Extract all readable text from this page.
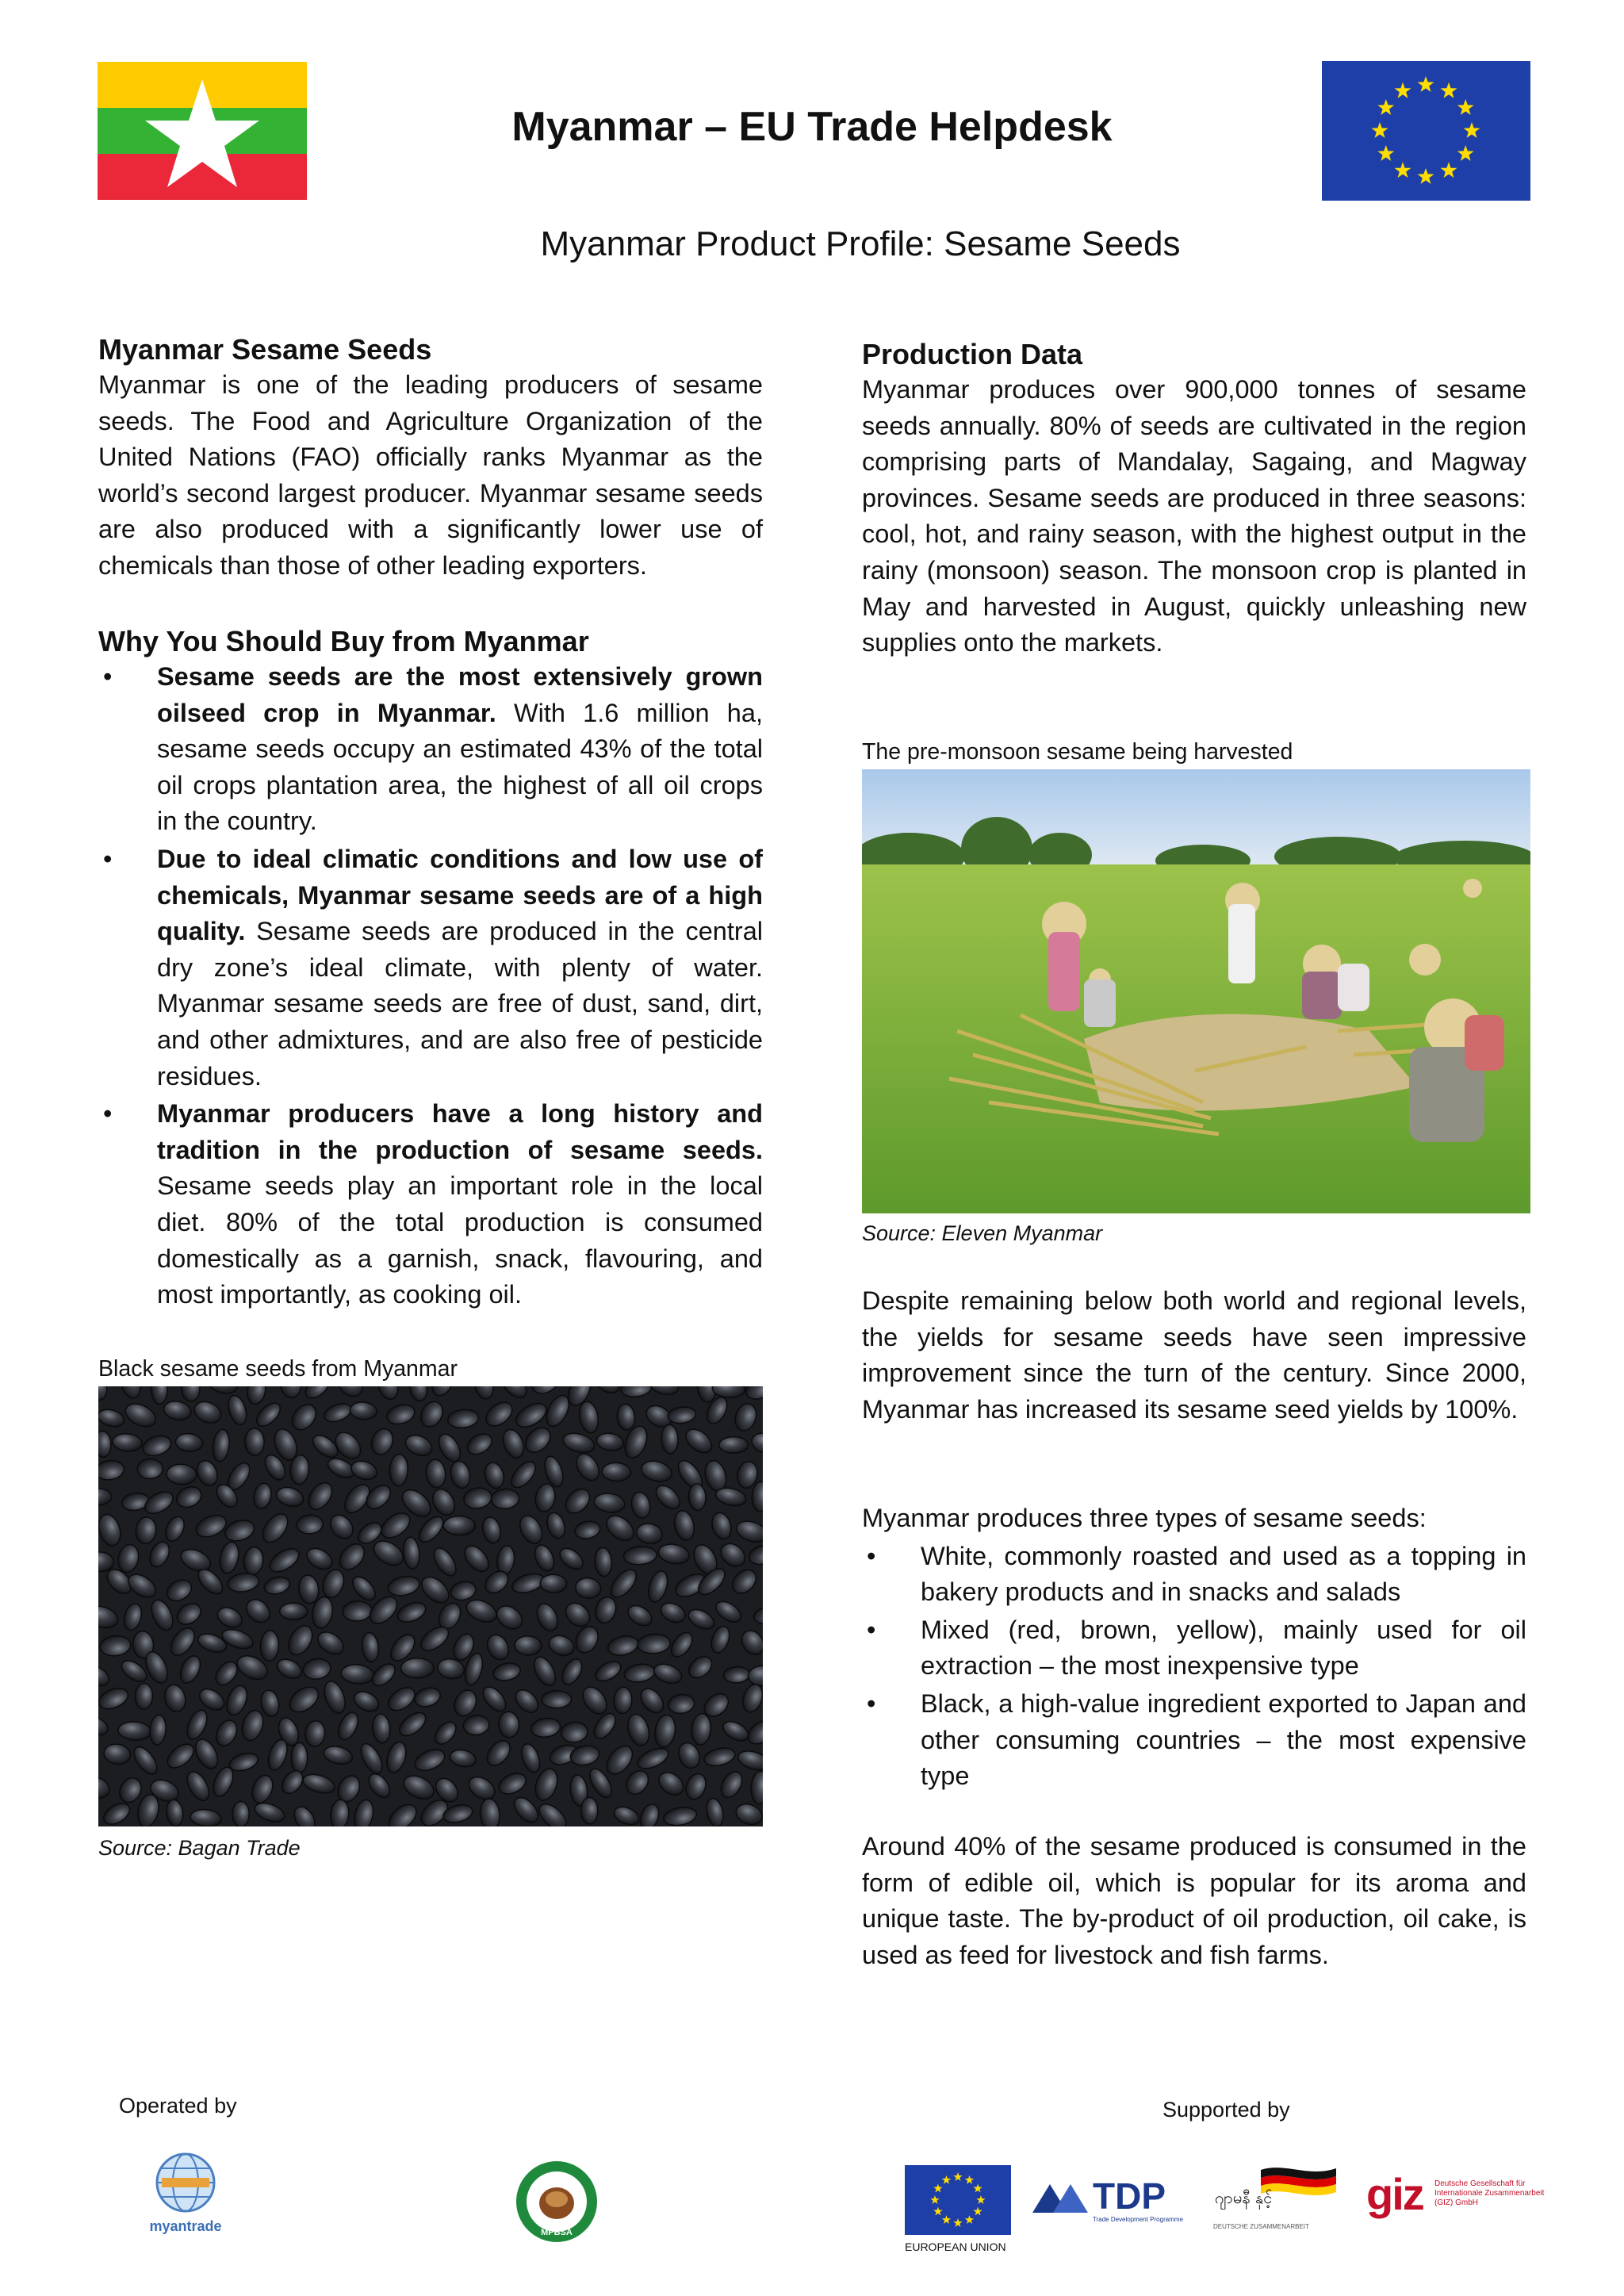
Myanmar – EU Trade Helpdesk
Myanmar Product Profile: Sesame Seeds
Myanmar Sesame Seeds

Myanmar is one of the leading producers of sesame seeds. The Food and Agriculture Organization of the United Nations (FAO) officially ranks Myanmar as the world’s second largest producer. Myanmar sesame seeds are also produced with a significantly lower use of chemicals than those of other leading exporters.

Why You Should Buy from Myanmar
• Sesame seeds are the most extensively grown oilseed crop in Myanmar. With 1.6 million ha, sesame seeds occupy an estimated 43% of the total oil crops plantation area, the highest of all oil crops in the country.
• Due to ideal climatic conditions and low use of chemicals, Myanmar sesame seeds are of a high quality. Sesame seeds are produced in the central dry zone’s ideal climate, with plenty of water. Myanmar sesame seeds are free of dust, sand, dirt, and other admixtures, and are also free of pesticide residues.
• Myanmar producers have a long history and tradition in the production of sesame seeds. Sesame seeds play an important role in the local diet. 80% of the total production is consumed domestically as a garnish, snack, flavouring, and most importantly, as cooking oil.
Black sesame seeds from Myanmar
Source: Bagan Trade
Production Data

Myanmar produces over 900,000 tonnes of sesame seeds annually. 80% of seeds are cultivated in the region comprising parts of Mandalay, Sagaing, and Magway provinces. Sesame seeds are produced in three seasons: cool, hot, and rainy season, with the highest output in the rainy (monsoon) season. The monsoon crop is planted in May and harvested in August, quickly unleashing new supplies onto the markets.

The pre-monsoon sesame being harvested
Source: Eleven Myanmar

Despite remaining below both world and regional levels, the yields for sesame seeds have seen impressive improvement since the turn of the century. Since 2000, Myanmar has increased its sesame seed yields by 100%.

Myanmar produces three types of sesame seeds:

• White, commonly roasted and used as a topping in bakery products and in snacks and salads
• Mixed (red, brown, yellow), mainly used for oil extraction – the most inexpensive type
• Black, a high-value ingredient exported to Japan and other consuming countries – the most expensive type

Around 40% of the sesame produced is consumed in the form of edible oil, which is popular for its aroma and unique taste. The by-product of oil production, oil cake, is used as feed for livestock and fish farms.

Operated by	Supported by
myantrade	MPBSA
EUROPEAN UNION
TDP
Trade Development Programme
ဂျာမနီ နှင့်
DEUTSCHE ZUSAMMENARBEIT
giz Deutsche Gesellschaft für Internationale Zusammenarbeit (GIZ) GmbH
